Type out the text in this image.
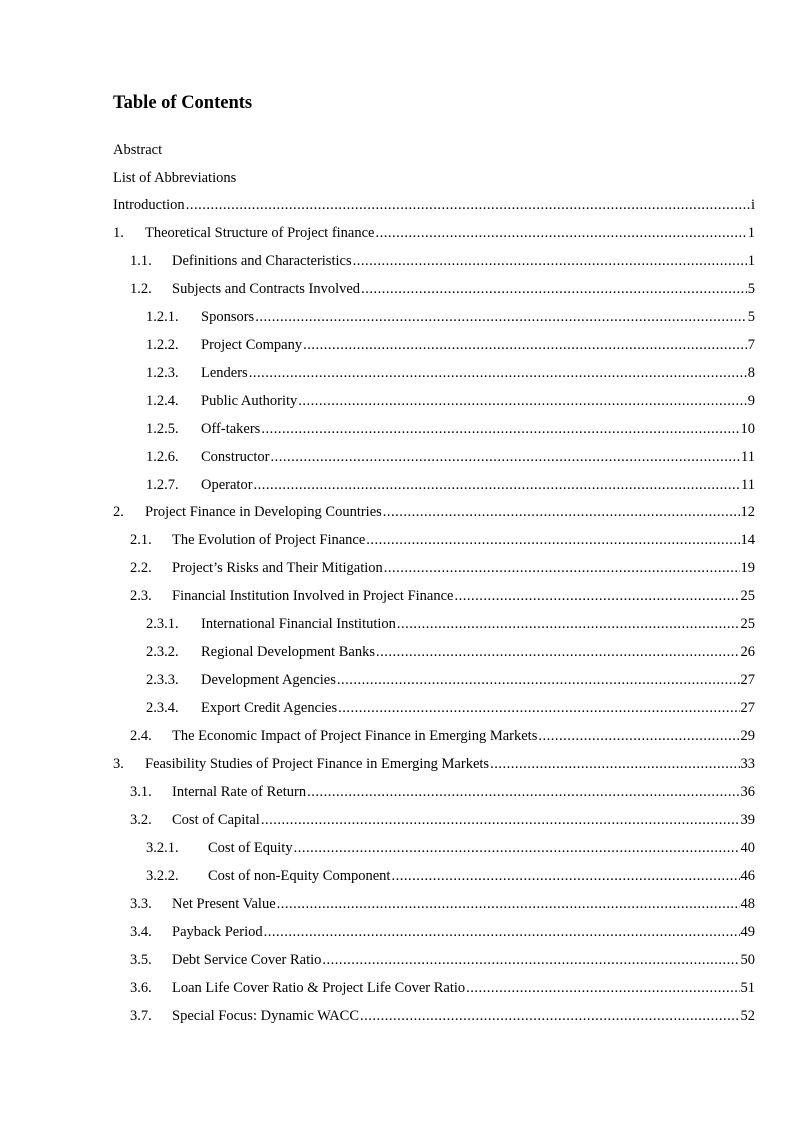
Table of Contents
Abstract
List of Abbreviations
Introduction .....	i
1.	Theoretical Structure of Project finance .....	1
1.1.	Definitions and Characteristics .....	1
1.2.	Subjects and Contracts Involved .....	5
1.2.1.	Sponsors .....	5
1.2.2.	Project Company .....	7
1.2.3.	Lenders .....	8
1.2.4.	Public Authority .....	9
1.2.5.	Off-takers .....	10
1.2.6.	Constructor .....	11
1.2.7.	Operator .....	11
2.	Project Finance in Developing Countries .....	12
2.1.	The Evolution of Project Finance .....	14
2.2.	Project’s Risks and Their Mitigation .....	19
2.3.	Financial Institution Involved in Project Finance .....	25
2.3.1.	International Financial Institution .....	25
2.3.2.	Regional Development Banks .....	26
2.3.3.	Development Agencies .....	27
2.3.4.	Export Credit Agencies .....	27
2.4.	The Economic Impact of Project Finance in Emerging Markets .....	29
3.	Feasibility Studies of Project Finance in Emerging Markets .....	33
3.1.	Internal Rate of Return .....	36
3.2.	Cost of Capital .....	39
3.2.1.	Cost of Equity .....	40
3.2.2.	Cost of non-Equity Component .....	46
3.3.	Net Present Value .....	48
3.4.	Payback Period .....	49
3.5.	Debt Service Cover Ratio .....	50
3.6.	Loan Life Cover Ratio & Project Life Cover Ratio .....	51
3.7.	Special Focus: Dynamic WACC .....	52
